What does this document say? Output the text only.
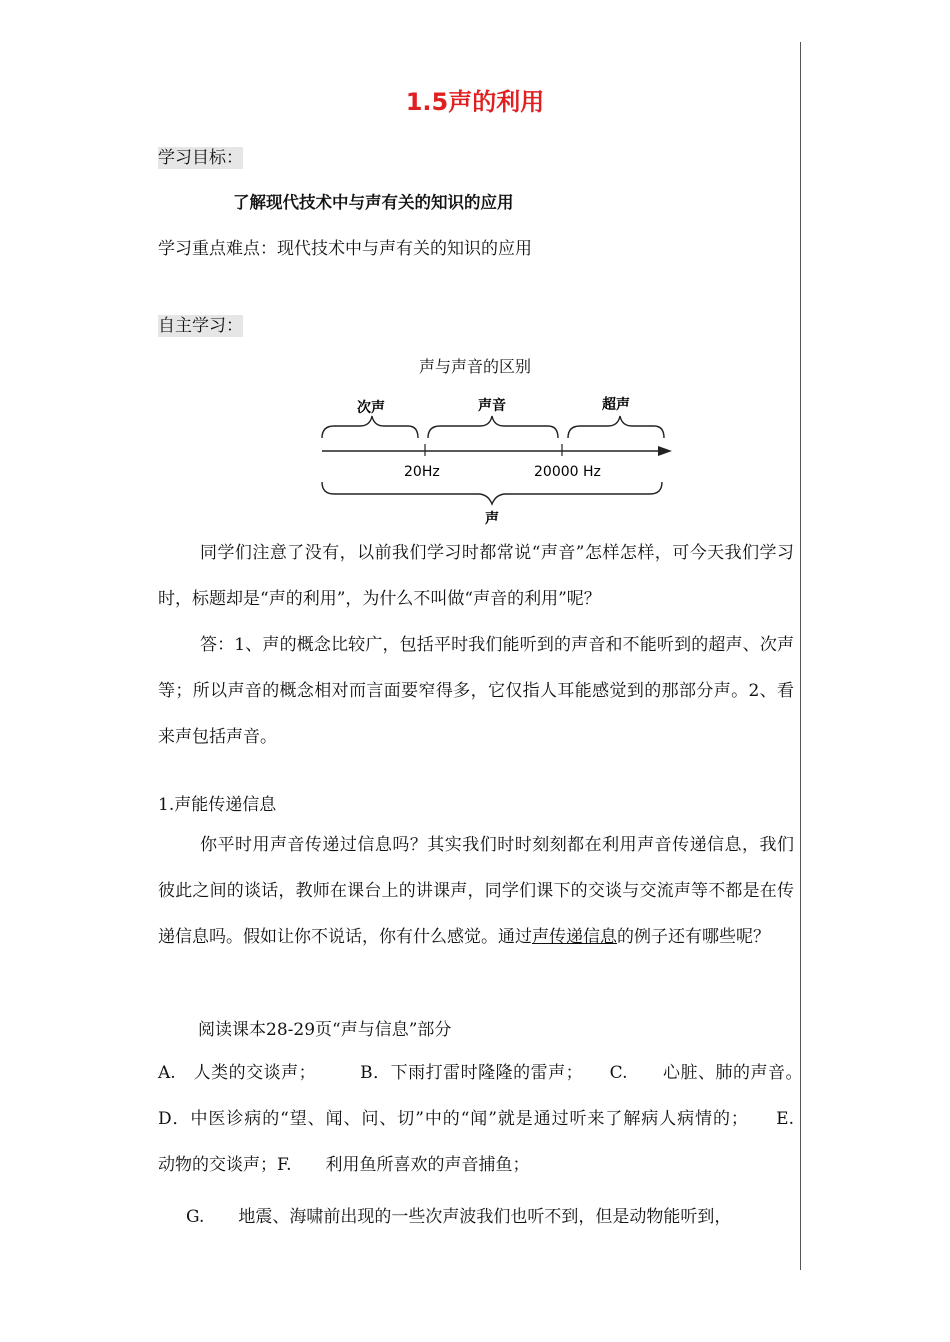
1.5声的利用
学习目标：
了解现代技术中与声有关的知识的应用
学习重点难点：现代技术中与声有关的知识的应用
自主学习：
声与声音的区别
次声	声音	超声
20Hz	20000 Hz
声

同学们注意了没有，以前我们学习时都常说“声音”怎样怎样，可今天我们学习时，标题却是“声的利用”，为什么不叫做“声音的利用”呢？

答：1、声的概念比较广，包括平时我们能听到的声音和不能听到的超声、次声等；所以声音的概念相对而言面要窄得多，它仅指人耳能感觉到的那部分声。2、看来声包括声音。

1.声能传递信息

你平时用声音传递过信息吗？其实我们时时刻刻都在利用声音传递信息，我们彼此之间的谈话，教师在课台上的讲课声，同学们课下的交谈与交流声等不都是在传递信息吗。假如让你不说话，你有什么感觉。通过声传递信息的例子还有哪些呢？

阅读课本28-29页“声与信息”部分

A.　人类的交谈声；　　　B．下雨打雷时隆隆的雷声；　　C.　　心脏、肺的声音。　　D．中医诊病的“望、闻、问、切”中的“闻”就是通过听来了解病人病情的；　　E.　　动物的交谈声；F.　　利用鱼所喜欢的声音捕鱼；

G.　　地震、海啸前出现的一些次声波我们也听不到，但是动物能听到，
